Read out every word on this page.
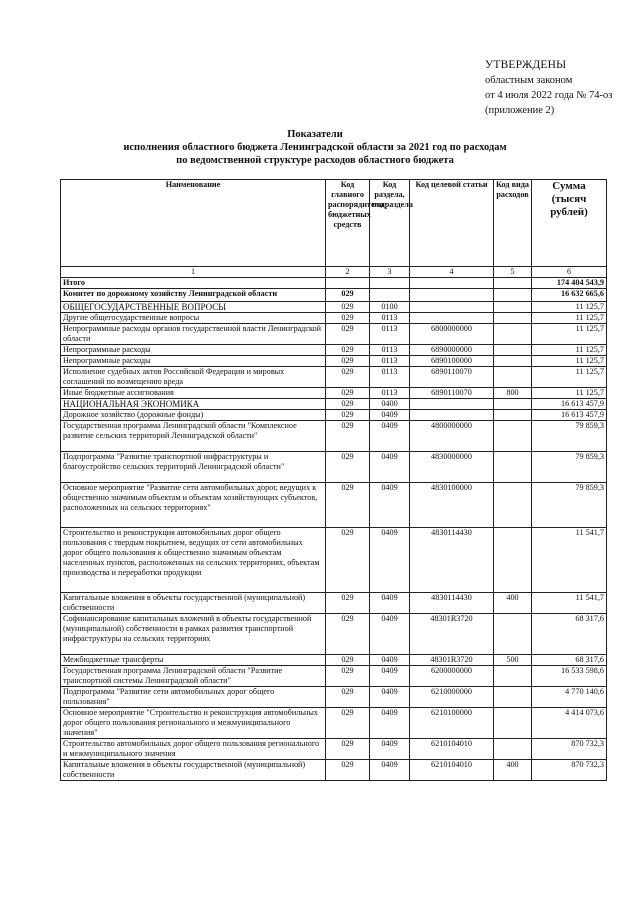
УТВЕРЖДЕНЫ
областным законом
от 4 июля 2022 года № 74-оз
(приложение 2)
Показатели
исполнения областного бюджета Ленинградской области за 2021 год по расходам
по ведомственной структуре расходов областного бюджета
Наименование	Код главного распорядителя бюджетных средств	Код раздела, подраздела	Код целевой статьи	Код вида расходов	Сумма (тысяч рублей)
1	2	3	4	5	6
Итого					174 404 543,9
Комитет по дорожному хозяйству Ленинградской области	029				16 632 665,6
ОБЩЕГОСУДАРСТВЕННЫЕ ВОПРОСЫ	029	0100			11 125,7
Другие общегосударственные вопросы	029	0113			11 125,7
Непрограммные расходы органов государственной власти Ленинградской области	029	0113	6800000000		11 125,7
Непрограммные расходы	029	0113	6890000000		11 125,7
Непрограммные расходы	029	0113	6890100000		11 125,7
Исполнение судебных актов Российской Федерации и мировых соглашений по возмещению вреда	029	0113	6890110070		11 125,7
Иные бюджетные ассигнования	029	0113	6890110070	800	11 125,7
НАЦИОНАЛЬНАЯ ЭКОНОМИКА	029	0400			16 613 457,9
Дорожное хозяйство (дорожные фонды)	029	0409			16 613 457,9
Государственная программа Ленинградской области "Комплексное развитие сельских территорий Ленинградской области"	029	0409	4800000000		79 859,3
Подпрограмма "Развитие транспортной инфраструктуры и благоустройство сельских территорий Ленинградской области"	029	0409	4830000000		79 859,3
Основное мероприятие "Развитие сети автомобильных дорог, ведущих к общественно значимым объектам и объектам хозяйствующих субъектов, расположенных на сельских территориях"	029	0409	4830100000		79 859,3
Строительство и реконструкция автомобильных дорог общего пользования с твердым покрытием, ведущих от сети автомобильных дорог общего пользования к общественно значимым объектам населенных пунктов, расположенных на сельских территориях, объектам производства и переработки продукции	029	0409	4830114430		11 541,7
Капитальные вложения в объекты государственной (муниципальной) собственности	029	0409	4830114430	400	11 541,7
Софинансирование капитальных вложений в объекты государственной (муниципальной) собственности в рамках развития транспортной инфраструктуры на сельских территориях	029	0409	48301R3720		68 317,6
Межбюджетные трансферты	029	0409	48301R3720	500	68 317,6
Государственная программа Ленинградской области "Развитие транспортной системы Ленинградской области"	029	0409	6200000000		16 533 598,6
Подпрограмма "Развитие сети автомобильных дорог общего пользования"	029	0409	6210000000		4 770 140,6
Основное мероприятие "Строительство и реконструкция автомобильных дорог общего пользования регионального и межмуниципального значения"	029	0409	6210100000		4 414 073,6
Строительство автомобильных дорог общего пользования регионального и межмуниципального значения	029	0409	6210104010		870 732,3
Капитальные вложения в объекты государственной (муниципальной) собственности	029	0409	6210104010	400	870 732,3
